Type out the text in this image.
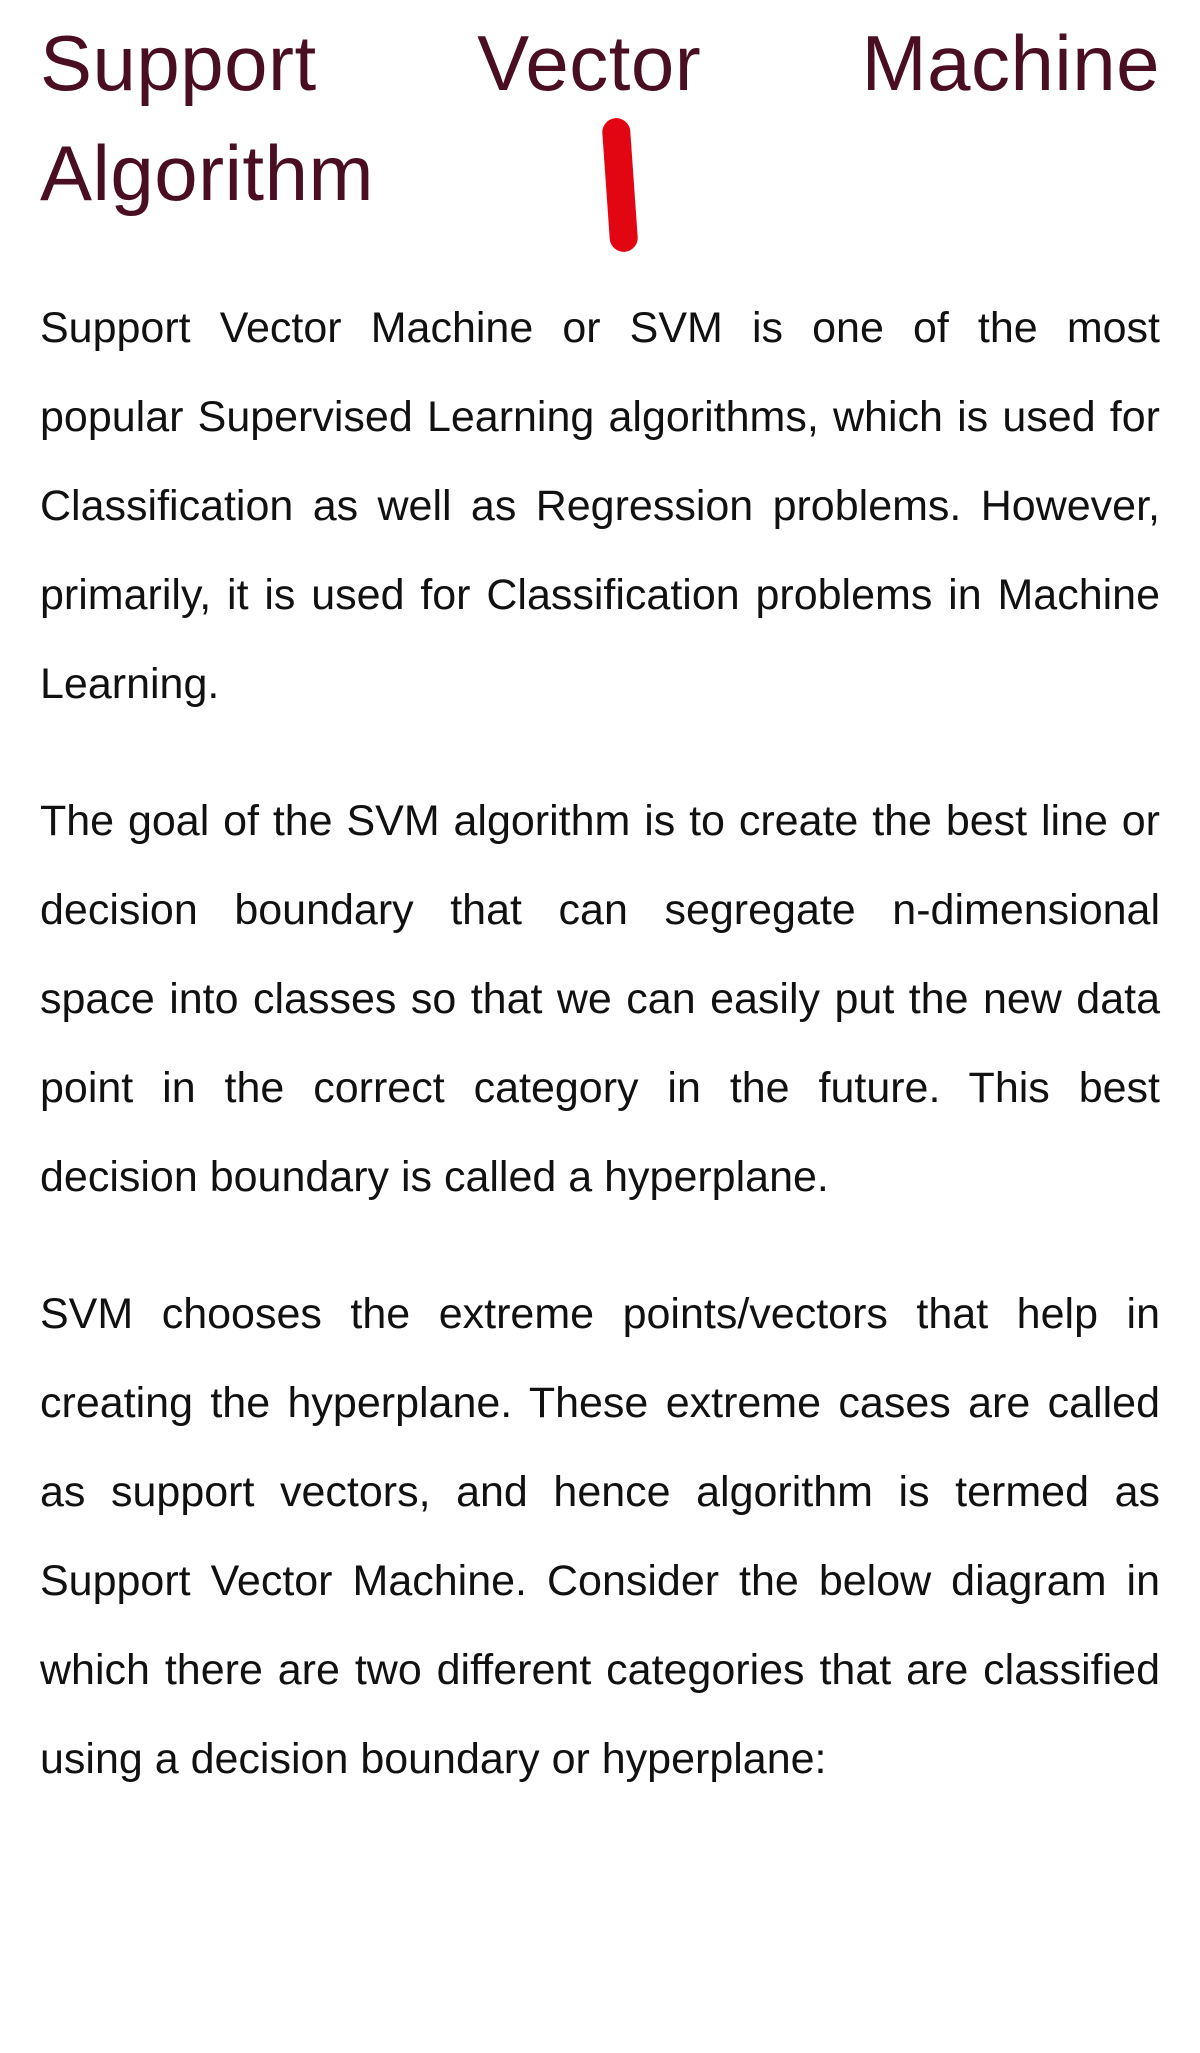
Support Vector Machine Algorithm

Support Vector Machine or SVM is one of the most popular Supervised Learning algorithms, which is used for Classification as well as Regression problems. However, primarily, it is used for Classification problems in Machine Learning.

The goal of the SVM algorithm is to create the best line or decision boundary that can segregate n-dimensional space into classes so that we can easily put the new data point in the correct category in the future. This best decision boundary is called a hyperplane.

SVM chooses the extreme points/vectors that help in creating the hyperplane. These extreme cases are called as support vectors, and hence algorithm is termed as Support Vector Machine. Consider the below diagram in which there are two different categories that are classified using a decision boundary or hyperplane:
